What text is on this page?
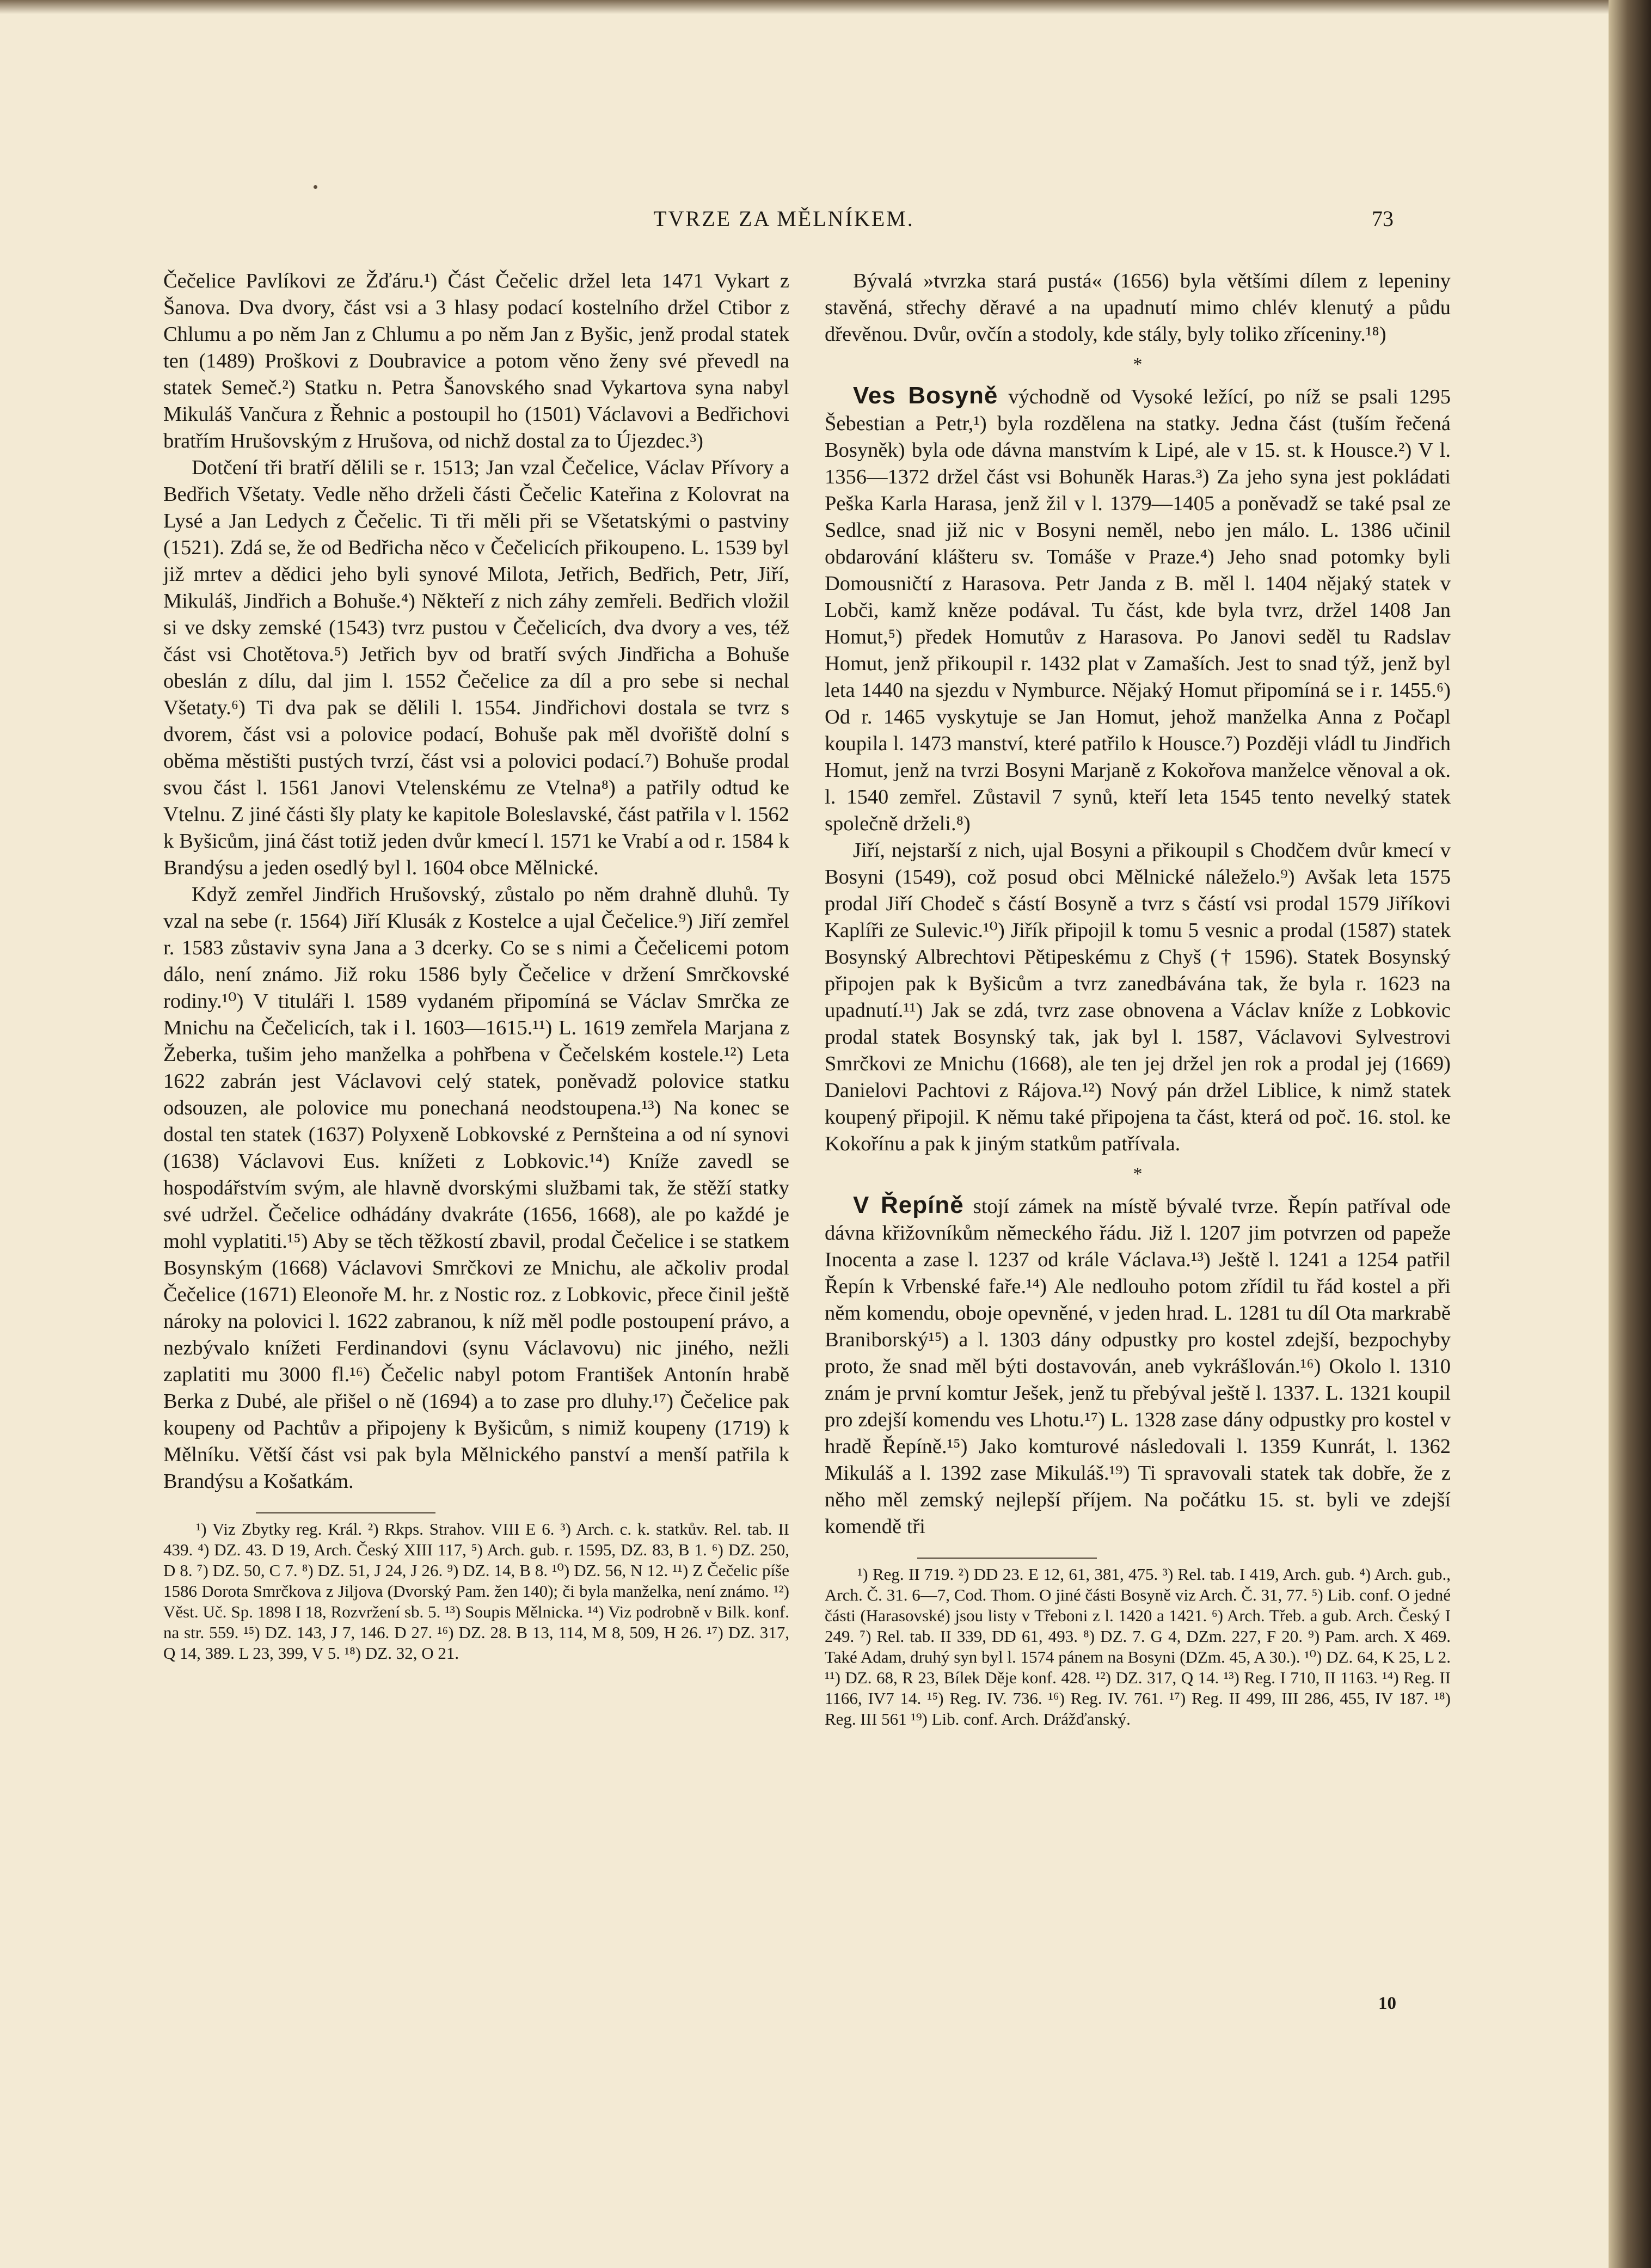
TVRZE ZA MĚLNÍKEM.	73

Čečelice Pavlíkovi ze Žďáru.¹) Část Čečelic držel leta 1471 Vykart z Šanova. Dva dvory, část vsi a 3 hlasy podací kostelního držel Ctibor z Chlumu a po něm Jan z Chlumu a po něm Jan z Byšic, jenž prodal statek ten (1489) Proškovi z Doubravice a potom věno ženy své převedl na statek Semeč.²) Statku n. Petra Šanovského snad Vykartova syna nabyl Mikuláš Vančura z Řehnic a postoupil ho (1501) Václavovi a Bedřichovi bratřím Hrušovským z Hrušova, od nichž dostal za to Újezdec.³)

Dotčení tři bratří dělili se r. 1513; Jan vzal Čečelice, Václav Přívory a Bedřich Všetaty. Vedle něho drželi části Čečelic Kateřina z Kolovrat na Lysé a Jan Ledych z Čečelic. Ti tři měli při se Všetatskými o pastviny (1521). Zdá se, že od Bedřicha něco v Čečelicích přikoupeno. L. 1539 byl již mrtev a dědici jeho byli synové Milota, Jetřich, Bedřich, Petr, Jiří, Mikuláš, Jindřich a Bohuše.⁴) Někteří z nich záhy zemřeli. Bedřich vložil si ve dsky zemské (1543) tvrz pustou v Čečelicích, dva dvory a ves, též část vsi Chotětova.⁵) Jetřich byv od bratří svých Jindřicha a Bohuše obeslán z dílu, dal jim l. 1552 Čečelice za díl a pro sebe si nechal Všetaty.⁶) Ti dva pak se dělili l. 1554. Jindřichovi dostala se tvrz s dvorem, část vsi a polovice podací, Bohuše pak měl dvořiště dolní s oběma městišti pustých tvrzí, část vsi a polovici podací.⁷) Bohuše prodal svou část l. 1561 Janovi Vtelenskému ze Vtelna⁸) a patřily odtud ke Vtelnu. Z jiné části šly platy ke kapitole Boleslavské, část patřila v l. 1562 k Byšicům, jiná část totiž jeden dvůr kmecí l. 1571 ke Vrabí a od r. 1584 k Brandýsu a jeden osedlý byl l. 1604 obce Mělnické.

Když zemřel Jindřich Hrušovský, zůstalo po něm drahně dluhů. Ty vzal na sebe (r. 1564) Jiří Klusák z Kostelce a ujal Čečelice.⁹) Jiří zemřel r. 1583 zůstaviv syna Jana a 3 dcerky. Co se s nimi a Čečelicemi potom dálo, není známo. Již roku 1586 byly Čečelice v držení Smrčkovské rodiny.¹⁰) V tituláři l. 1589 vydaném připomíná se Václav Smrčka ze Mnichu na Čečelicích, tak i l. 1603—1615.¹¹) L. 1619 zemřela Marjana z Žeberka, tušim jeho manželka a pohřbena v Čečelském kostele.¹²) Leta 1622 zabrán jest Václavovi celý statek, poněvadž polovice statku odsouzen, ale polovice mu ponechaná neodstoupena.¹³) Na konec se dostal ten statek (1637) Polyxeně Lobkovské z Pernšteina a od ní synovi (1638) Václavovi Eus. knížeti z Lobkovic.¹⁴) Kníže zavedl se hospodářstvím svým, ale hlavně dvorskými službami tak, že stěží statky své udržel. Čečelice odhádány dvakráte (1656, 1668), ale po každé je mohl vyplatiti.¹⁵) Aby se těch těžkostí zbavil, prodal Čečelice i se statkem Bosynským (1668) Václavovi Smrčkovi ze Mnichu, ale ačkoliv prodal Čečelice (1671) Eleonoře M. hr. z Nostic roz. z Lobkovic, přece činil ještě nároky na polovici l. 1622 zabranou, k níž měl podle postoupení právo, a nezbývalo knížeti Ferdinandovi (synu Václavovu) nic jiného, nežli zaplatiti mu 3000 fl.¹⁶) Čečelic nabyl potom František Antonín hrabě Berka z Dubé, ale přišel o ně (1694) a to zase pro dluhy.¹⁷) Čečelice pak koupeny od Pachtův a připojeny k Byšicům, s nimiž koupeny (1719) k Mělníku. Větší část vsi pak byla Mělnického panství a menší patřila k Brandýsu a Košatkám.

¹) Viz Zbytky reg. Král. ²) Rkps. Strahov. VIII E 6. ³) Arch. c. k. statkův. Rel. tab. II 439. ⁴) DZ. 43. D 19, Arch. Český XIII 117, ⁵) Arch. gub. r. 1595, DZ. 83, B 1. ⁶) DZ. 250, D 8. ⁷) DZ. 50, C 7. ⁸) DZ. 51, J 24, J 26. ⁹) DZ. 14, B 8. ¹⁰) DZ. 56, N 12. ¹¹) Z Čečelic píše 1586 Dorota Smrčkova z Jiljova (Dvorský Pam. žen 140); či byla manželka, není známo. ¹²) Věst. Uč. Sp. 1898 I 18, Rozvržení sb. 5. ¹³) Soupis Mělnicka. ¹⁴) Viz podrobně v Bilk. konf. na str. 559. ¹⁵) DZ. 143, J 7, 146. D 27. ¹⁶) DZ. 28. B 13, 114, M 8, 509, H 26. ¹⁷) DZ. 317, Q 14, 389. L 23, 399, V 5. ¹⁸) DZ. 32, O 21.

Bývalá »tvrzka stará pustá« (1656) byla většími dílem z lepeniny stavěná, střechy děravé a na upadnutí mimo chlév klenutý a půdu dřevěnou. Dvůr, ovčín a stodoly, kde stály, byly toliko zříceniny.¹⁸)

*

Ves Bosyně východně od Vysoké ležící, po níž se psali 1295 Šebestian a Petr,¹) byla rozdělena na statky. Jedna část (tuším řečená Bosyněk) byla ode dávna manstvím k Lipé, ale v 15. st. k Housce.²) V l. 1356—1372 držel část vsi Bohuněk Haras.³) Za jeho syna jest pokládati Peška Karla Harasa, jenž žil v l. 1379—1405 a poněvadž se také psal ze Sedlce, snad již nic v Bosyni neměl, nebo jen málo. L. 1386 učinil obdarování klášteru sv. Tomáše v Praze.⁴) Jeho snad potomky byli Domousničtí z Harasova. Petr Janda z B. měl l. 1404 nějaký statek v Lobči, kamž kněze podával. Tu část, kde byla tvrz, držel 1408 Jan Homut,⁵) předek Homutův z Harasova. Po Janovi seděl tu Radslav Homut, jenž přikoupil r. 1432 plat v Zamaších. Jest to snad týž, jenž byl leta 1440 na sjezdu v Nymburce. Nějaký Homut připomíná se i r. 1455.⁶) Od r. 1465 vyskytuje se Jan Homut, jehož manželka Anna z Počapl koupila l. 1473 manství, které patřilo k Housce.⁷) Později vládl tu Jindřich Homut, jenž na tvrzi Bosyni Marjaně z Kokořova manželce věnoval a ok. l. 1540 zemřel. Zůstavil 7 synů, kteří leta 1545 tento nevelký statek společně drželi.⁸)

Jiří, nejstarší z nich, ujal Bosyni a přikoupil s Chodčem dvůr kmecí v Bosyni (1549), což posud obci Mělnické náleželo.⁹) Avšak leta 1575 prodal Jiří Chodeč s částí Bosyně a tvrz s částí vsi prodal 1579 Jiříkovi Kaplíři ze Sulevic.¹⁰) Jiřík připojil k tomu 5 vesnic a prodal (1587) statek Bosynský Albrechtovi Pětipeskému z Chyš († 1596). Statek Bosynský připojen pak k Byšicům a tvrz zanedbávána tak, že byla r. 1623 na upadnutí.¹¹) Jak se zdá, tvrz zase obnovena a Václav kníže z Lobkovic prodal statek Bosynský tak, jak byl l. 1587, Václavovi Sylvestrovi Smrčkovi ze Mnichu (1668), ale ten jej držel jen rok a prodal jej (1669) Danielovi Pachtovi z Rájova.¹²) Nový pán držel Liblice, k nimž statek koupený připojil. K němu také připojena ta část, která od poč. 16. stol. ke Kokořínu a pak k jiným statkům patřívala.

*

V Řepíně stojí zámek na místě bývalé tvrze. Řepín patříval ode dávna křižovníkům německého řádu. Již l. 1207 jim potvrzen od papeže Inocenta a zase l. 1237 od krále Václava.¹³) Ještě l. 1241 a 1254 patřil Řepín k Vrbenské faře.¹⁴) Ale nedlouho potom zřídil tu řád kostel a při něm komendu, oboje opevněné, v jeden hrad. L. 1281 tu díl Ota markrabě Braniborský¹⁵) a l. 1303 dány odpustky pro kostel zdejší, bezpochyby proto, že snad měl býti dostavován, aneb vykrášlován.¹⁶) Okolo l. 1310 znám je první komtur Ješek, jenž tu přebýval ještě l. 1337. L. 1321 koupil pro zdejší komendu ves Lhotu.¹⁷) L. 1328 zase dány odpustky pro kostel v hradě Řepíně.¹⁵) Jako komturové následovali l. 1359 Kunrát, l. 1362 Mikuláš a l. 1392 zase Mikuláš.¹⁹) Ti spravovali statek tak dobře, že z něho měl zemský nejlepší příjem. Na počátku 15. st. byli ve zdejší komendě tři

¹) Reg. II 719. ²) DD 23. E 12, 61, 381, 475. ³) Rel. tab. I 419, Arch. gub. ⁴) Arch. gub., Arch. Č. 31. 6—7, Cod. Thom. O jiné části Bosyně viz Arch. Č. 31, 77. ⁵) Lib. conf. O jedné části (Harasovské) jsou listy v Třeboni z l. 1420 a 1421. ⁶) Arch. Třeb. a gub. Arch. Český I 249. ⁷) Rel. tab. II 339, DD 61, 493. ⁸) DZ. 7. G 4, DZm. 227, F 20. ⁹) Pam. arch. X 469. Také Adam, druhý syn byl l. 1574 pánem na Bosyni (DZm. 45, A 30.). ¹⁰) DZ. 64, K 25, L 2. ¹¹) DZ. 68, R 23, Bílek Děje konf. 428. ¹²) DZ. 317, Q 14. ¹³) Reg. I 710, II 1163. ¹⁴) Reg. II 1166, IV7 14. ¹⁵) Reg. IV. 736. ¹⁶) Reg. IV. 761. ¹⁷) Reg. II 499, III 286, 455, IV 187. ¹⁸) Reg. III 561 ¹⁹) Lib. conf. Arch. Drážďanský.
10
